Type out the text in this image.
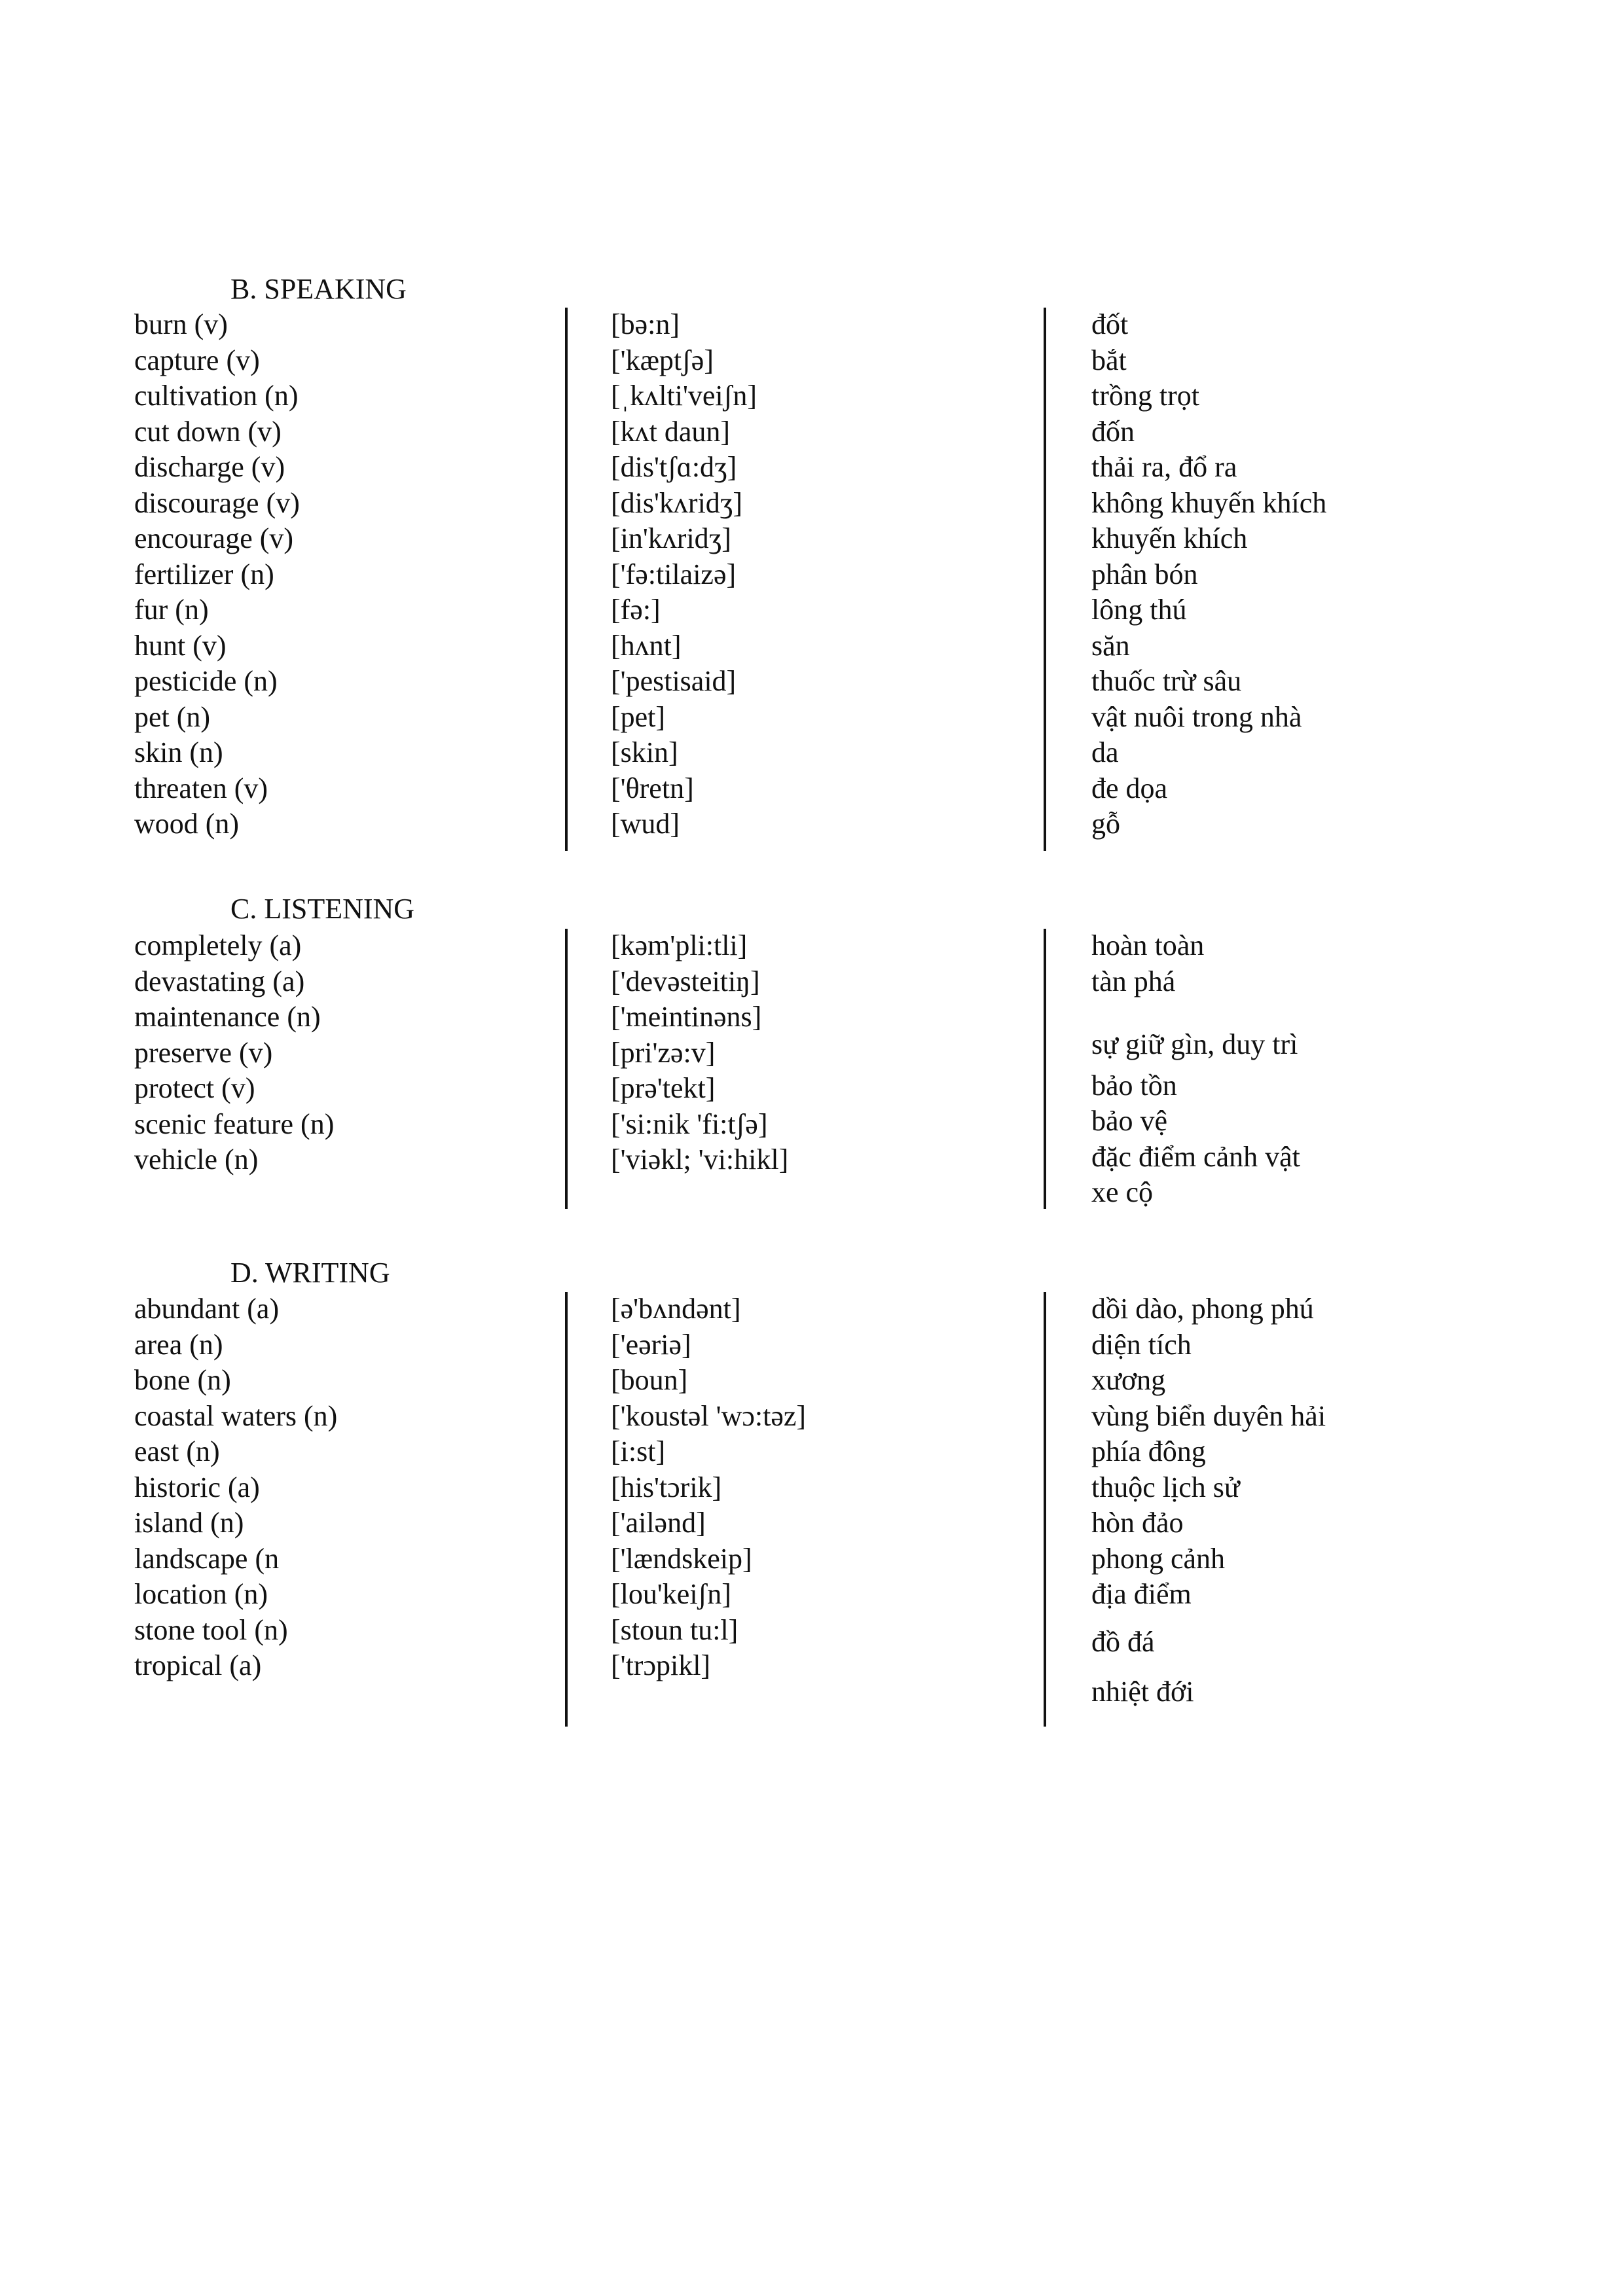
B. SPEAKING
burn (v)
capture (v)
cultivation (n)
cut down (v)
discharge (v)
discourage (v)
encourage (v)
fertilizer (n)
fur (n)
hunt (v)
pesticide (n)
pet (n)
skin (n)
threaten (v)
wood (n)
[bə:n]
['kæptʃə]
[ˌkʌlti'veiʃn]
[kʌt daun]
[dis'tʃɑ:dʒ]
[dis'kʌridʒ]
[in'kʌridʒ]
['fə:tilaizə]
[fə:]
[hʌnt]
['pestisaid]
[pet]
[skin]
['θretn]
[wud]
đốt
bắt
trồng trọt
đốn
thải ra, đổ ra
không khuyến khích
khuyến khích
phân bón
lông thú
săn
thuốc trừ sâu
vật nuôi trong nhà
da
đe dọa
gỗ
C. LISTENING
completely (a)
devastating (a)
maintenance (n)
preserve (v)
protect (v)
scenic feature (n)
vehicle (n)
[kəm'pli:tli]
['devəsteitiŋ]
['meintinəns]
[pri'zə:v]
[prə'tekt]
['si:nik 'fi:tʃə]
['viəkl; 'vi:hikl]
hoàn toàn
tàn phá
sự giữ gìn, duy trì
bảo tồn
bảo vệ
đặc điểm cảnh vật
xe cộ
D. WRITING
abundant (a)
area (n)
bone (n)
coastal waters (n)
east (n)
historic (a)
island (n)
landscape (n
location (n)
stone tool (n)
tropical (a)
[ə'bʌndənt]
['eəriə]
[boun]
['koustəl 'wɔ:təz]
[i:st]
[his'tɔrik]
['ailənd]
['lændskeip]
[lou'keiʃn]
[stoun tu:l]
['trɔpikl]
dồi dào, phong phú
diện tích
xương
vùng biển duyên hải
phía đông
thuộc lịch sử
hòn đảo
phong cảnh
địa điểm
đồ đá
nhiệt đới
